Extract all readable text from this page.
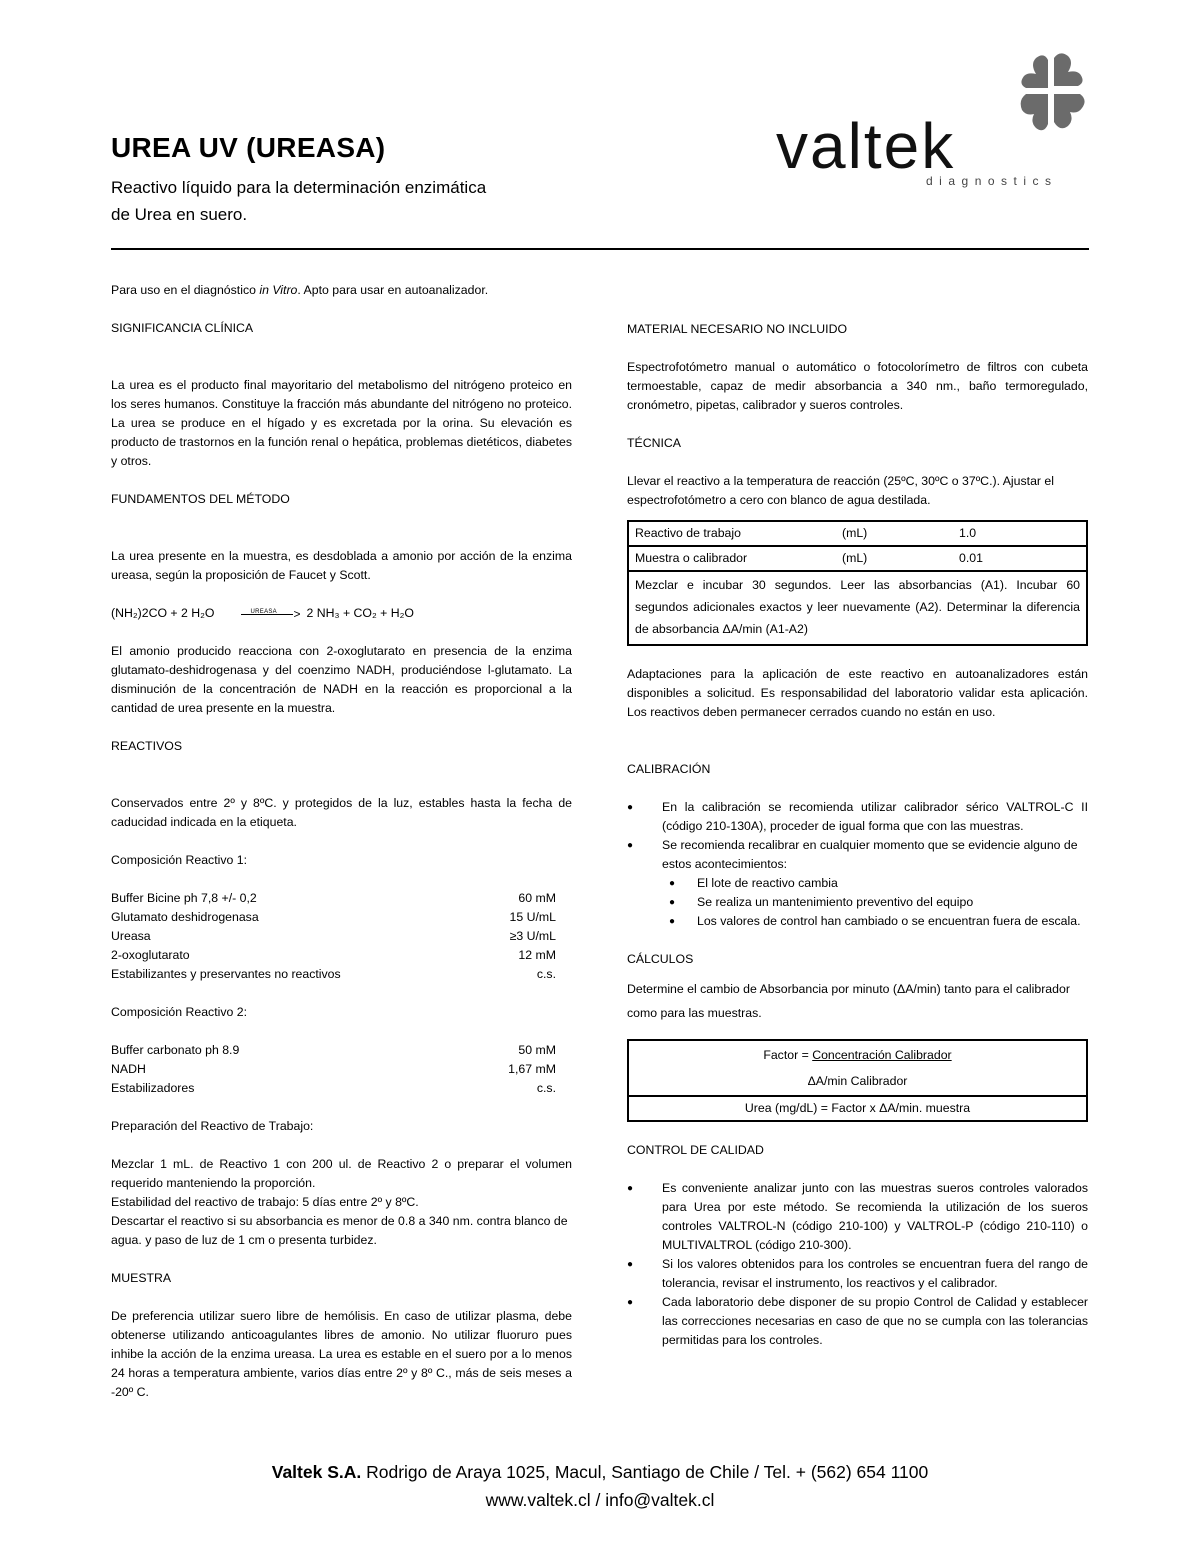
UREA UV (UREASA)
Reactivo líquido para la determinación enzimática
de Urea en suero.
valtek
diagnostics

Para uso en el diagnóstico in Vitro. Apto para usar en autoanalizador.

SIGNIFICANCIA CLÍNICA

La urea es el producto final mayoritario del metabolismo del nitrógeno proteico en los seres humanos. Constituye la fracción más abundante del nitrógeno no proteico. La urea se produce en el hígado y es excretada por la orina. Su elevación es producto de trastornos en la función renal o hepática, problemas dietéticos, diabetes y otros.

FUNDAMENTOS DEL MÉTODO

La urea presente en la muestra, es desdoblada a amonio por acción de la enzima ureasa, según la proposición de Faucet y Scott.

(NH₂)2CO + 2 H₂O	UREASA > 2 NH₃ + CO₂ + H₂O

El amonio producido reacciona con 2-oxoglutarato en presencia de la enzima glutamato-deshidrogenasa y del coenzimo NADH, produciéndose l-glutamato. La disminución de la concentración de NADH en la reacción es proporcional a la cantidad de urea presente en la muestra.

REACTIVOS

Conservados entre 2º y 8ºC. y protegidos de la luz, estables hasta la fecha de caducidad indicada en la etiqueta.

Composición Reactivo 1:

Buffer Bicine ph 7,8 +/- 0,2	60 mM
Glutamato deshidrogenasa	15 U/mL
Ureasa	≥3 U/mL
2-oxoglutarato	12 mM
Estabilizantes y preservantes no reactivos	c.s.

Composición Reactivo 2:

Buffer carbonato ph 8.9	50 mM
NADH	1,67 mM
Estabilizadores	c.s.

Preparación del Reactivo de Trabajo:

Mezclar 1 mL. de Reactivo 1 con 200 ul. de Reactivo 2 o preparar el volumen requerido manteniendo la proporción.

Estabilidad del reactivo de trabajo: 5 días entre 2º y 8ºC.

Descartar el reactivo si su absorbancia es menor de 0.8 a 340 nm. contra blanco de agua. y paso de luz de 1 cm o presenta turbidez.

MUESTRA

De preferencia utilizar suero libre de hemólisis. En caso de utilizar plasma, debe obtenerse utilizando anticoagulantes libres de amonio. No utilizar fluoruro pues inhibe la acción de la enzima ureasa. La urea es estable en el suero por a lo menos 24 horas a temperatura ambiente, varios días entre 2º y 8º C., más de seis meses a -20º C.

MATERIAL NECESARIO NO INCLUIDO

Espectrofotómetro manual o automático o fotocolorímetro de filtros con cubeta termoestable, capaz de medir absorbancia a 340 nm., baño termoregulado, cronómetro, pipetas, calibrador y sueros controles.

TÉCNICA

Llevar el reactivo a la temperatura de reacción (25ºC, 30ºC o 37ºC.). Ajustar el espectrofotómetro a cero con blanco de agua destilada.

Reactivo de trabajo	(mL)	1.0
Muestra o calibrador	(mL)	0.01
Mezclar e incubar 30 segundos. Leer las absorbancias (A1). Incubar 60 segundos adicionales exactos y leer nuevamente (A2). Determinar la diferencia de absorbancia ΔA/min (A1-A2)		

Adaptaciones para la aplicación de este reactivo en autoanalizadores están disponibles a solicitud. Es responsabilidad del laboratorio validar esta aplicación. Los reactivos deben permanecer cerrados cuando no están en uso.

CALIBRACIÓN

● En la calibración se recomienda utilizar calibrador sérico VALTROL-C II (código 210-130A), proceder de igual forma que con las muestras.
● Se recomienda recalibrar en cualquier momento que se evidencie alguno de estos acontecimientos:
● El lote de reactivo cambia
● Se realiza un mantenimiento preventivo del equipo
● Los valores de control han cambiado o se encuentran fuera de escala.

CÁLCULOS

Determine el cambio de Absorbancia por minuto (ΔA/min) tanto para el calibrador como para las muestras.

Factor = Concentración Calibrador
ΔA/min Calibrador

Urea (mg/dL) = Factor x ΔA/min. muestra

CONTROL DE CALIDAD

● Es conveniente analizar junto con las muestras sueros controles valorados para Urea por este método. Se recomienda la utilización de los sueros controles VALTROL-N (código 210-100) y VALTROL-P (código 210-110) o MULTIVALTROL (código 210-300).
● Si los valores obtenidos para los controles se encuentran fuera del rango de tolerancia, revisar el instrumento, los reactivos y el calibrador.
● Cada laboratorio debe disponer de su propio Control de Calidad y establecer las correcciones necesarias en caso de que no se cumpla con las tolerancias permitidas para los controles.
Valtek S.A. Rodrigo de Araya 1025, Macul, Santiago de Chile / Tel. + (562) 654 1100
www.valtek.cl / info@valtek.cl
